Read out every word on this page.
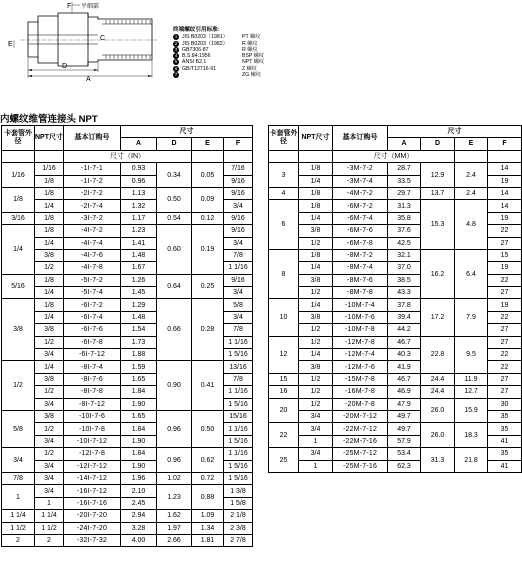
F 平细部
D
A
E
C
终端螺纹引用标准:
1 JIS B0203（1981）	PT 螺纹
2 JIS B0203（1982）	R 螺纹
3 GB7306-87	R 螺纹
4 B.S.84:1956	BSP 螺纹
5 ANSI B2.1	NPT 螺纹
6 GB/T12716-91	Z 螺纹
7	ZG 螺纹
内螺纹维管连接头 NPT
卡套管外径	NPT尺寸	基本订购号	尺寸			
			A	D	E	F
		尺寸（IN）				
1/16	1/16	-1I-7-1	0.93	0.34	0.05	7/16
	1/8	-1I-7-2	0.96			9/16
1/8	1/8	-2I-7-2	1.13	0.50	0.09	9/16
	1/4	-2I-7-4	1.32			3/4
3/16	1/8	-3I-7-2	1.17	0.54	0.12	9/16
1/4	1/8	-4I-7-2	1.23	0.60	0.19	9/16
	1/4	-4I-7-4	1.41			3/4
	3/8	-4I-7-6	1.48			7/8
	1/2	-4I-7-8	1.67			1 1/16
5/16	1/8	-5I-7-2	1.26	0.64	0.25	9/16
	1/4	-5I-7-4	1.45			3/4
3/8	1/8	-6I-7-2	1.29	0.66	0.28	5/8
	1/4	-6I-7-4	1.48			3/4
	3/8	-6I-7-6	1.54			7/8
	1/2	-6I-7-8	1.73			1 1/16
	3/4	-6I-7-12	1.88			1 5/16
1/2	1/4	-8I-7-4	1.59	0.90	0.41	13/16
	3/8	-8I-7-6	1.65			7/8
	1/2	-8I-7-8	1.84			1 1/16
	3/4	-8I-7-12	1.90			1 5/16
5/8	3/8	-10I-7-6	1.65	0.96	0.50	15/16
	1/2	-10I-7-8	1.84			1 1/16
	3/4	-10I-7-12	1.90			1 5/16
3/4	1/2	-12I-7-8	1.84	0.96	0.62	1 1/16
	3/4	-12I-7-12	1.90			1 5/16
7/8	3/4	-14I-7-12	1.96	1.02	0.72	1 5/16
1	3/4	-16I-7-12	2.10	1.23	0.88	1 3/8
	1	-16I-7-16	2.45			1 5/8
1 1/4	1 1/4	-20I-7-20	2.94	1.62	1.09	2 1/8
1 1/2	1 1/2	-24I-7-20	3.28	1.97	1.34	2 3/8
2	2	-32I-7-32	4.00	2.66	1.81	2 7/8
卡套管外径	NPT尺寸	基本订购号	尺寸			
			A	D	E	F
		尺寸（MM）				
3	1/8	-3M-7-2	28.7	12.9	2.4	14
	1/4	-3M-7-4	33.5			19
4	1/8	-4M-7-2	29.7	13.7	2.4	14
6	1/8	-6M-7-2	31.3	15.3	4.8	14
	1/4	-6M-7-4	35.8			19
	3/8	-6M-7-6	37.6			22
	1/2	-6M-7-8	42.5			27
8	1/8	-8M-7-2	32.1	16.2	6.4	15
	1/4	-8M-7-4	37.0			19
	3/8	-8M-7-6	38.5			22
	1/2	-8M-7-8	43.3			27
10	1/4	-10M-7-4	37.8	17.2	7.9	19
	3/8	-10M-7-6	39.4			22
	1/2	-10M-7-8	44.2			27
12	1/2	-12M-7-8	46.7	22.8	9.5	27
	1/4	-12M-7-4	40.3			22
	3/8	-12M-7-6	41.9			22
15	1/2	-15M-7-8	46.7	24.4	11.9	27
16	1/2	-16M-7-8	46.9	24.4	12.7	27
20	1/2	-20M-7-8	47.9	26.0	15.9	30
	3/4	-20M-7-12	49.7			35
22	3/4	-22M-7-12	49.7	26.0	18.3	35
	1	-22M-7-16	57.9			41
25	3/4	-25M-7-12	53.4	31.3	21.8	35
	1	-25M-7-16	62.3			41
